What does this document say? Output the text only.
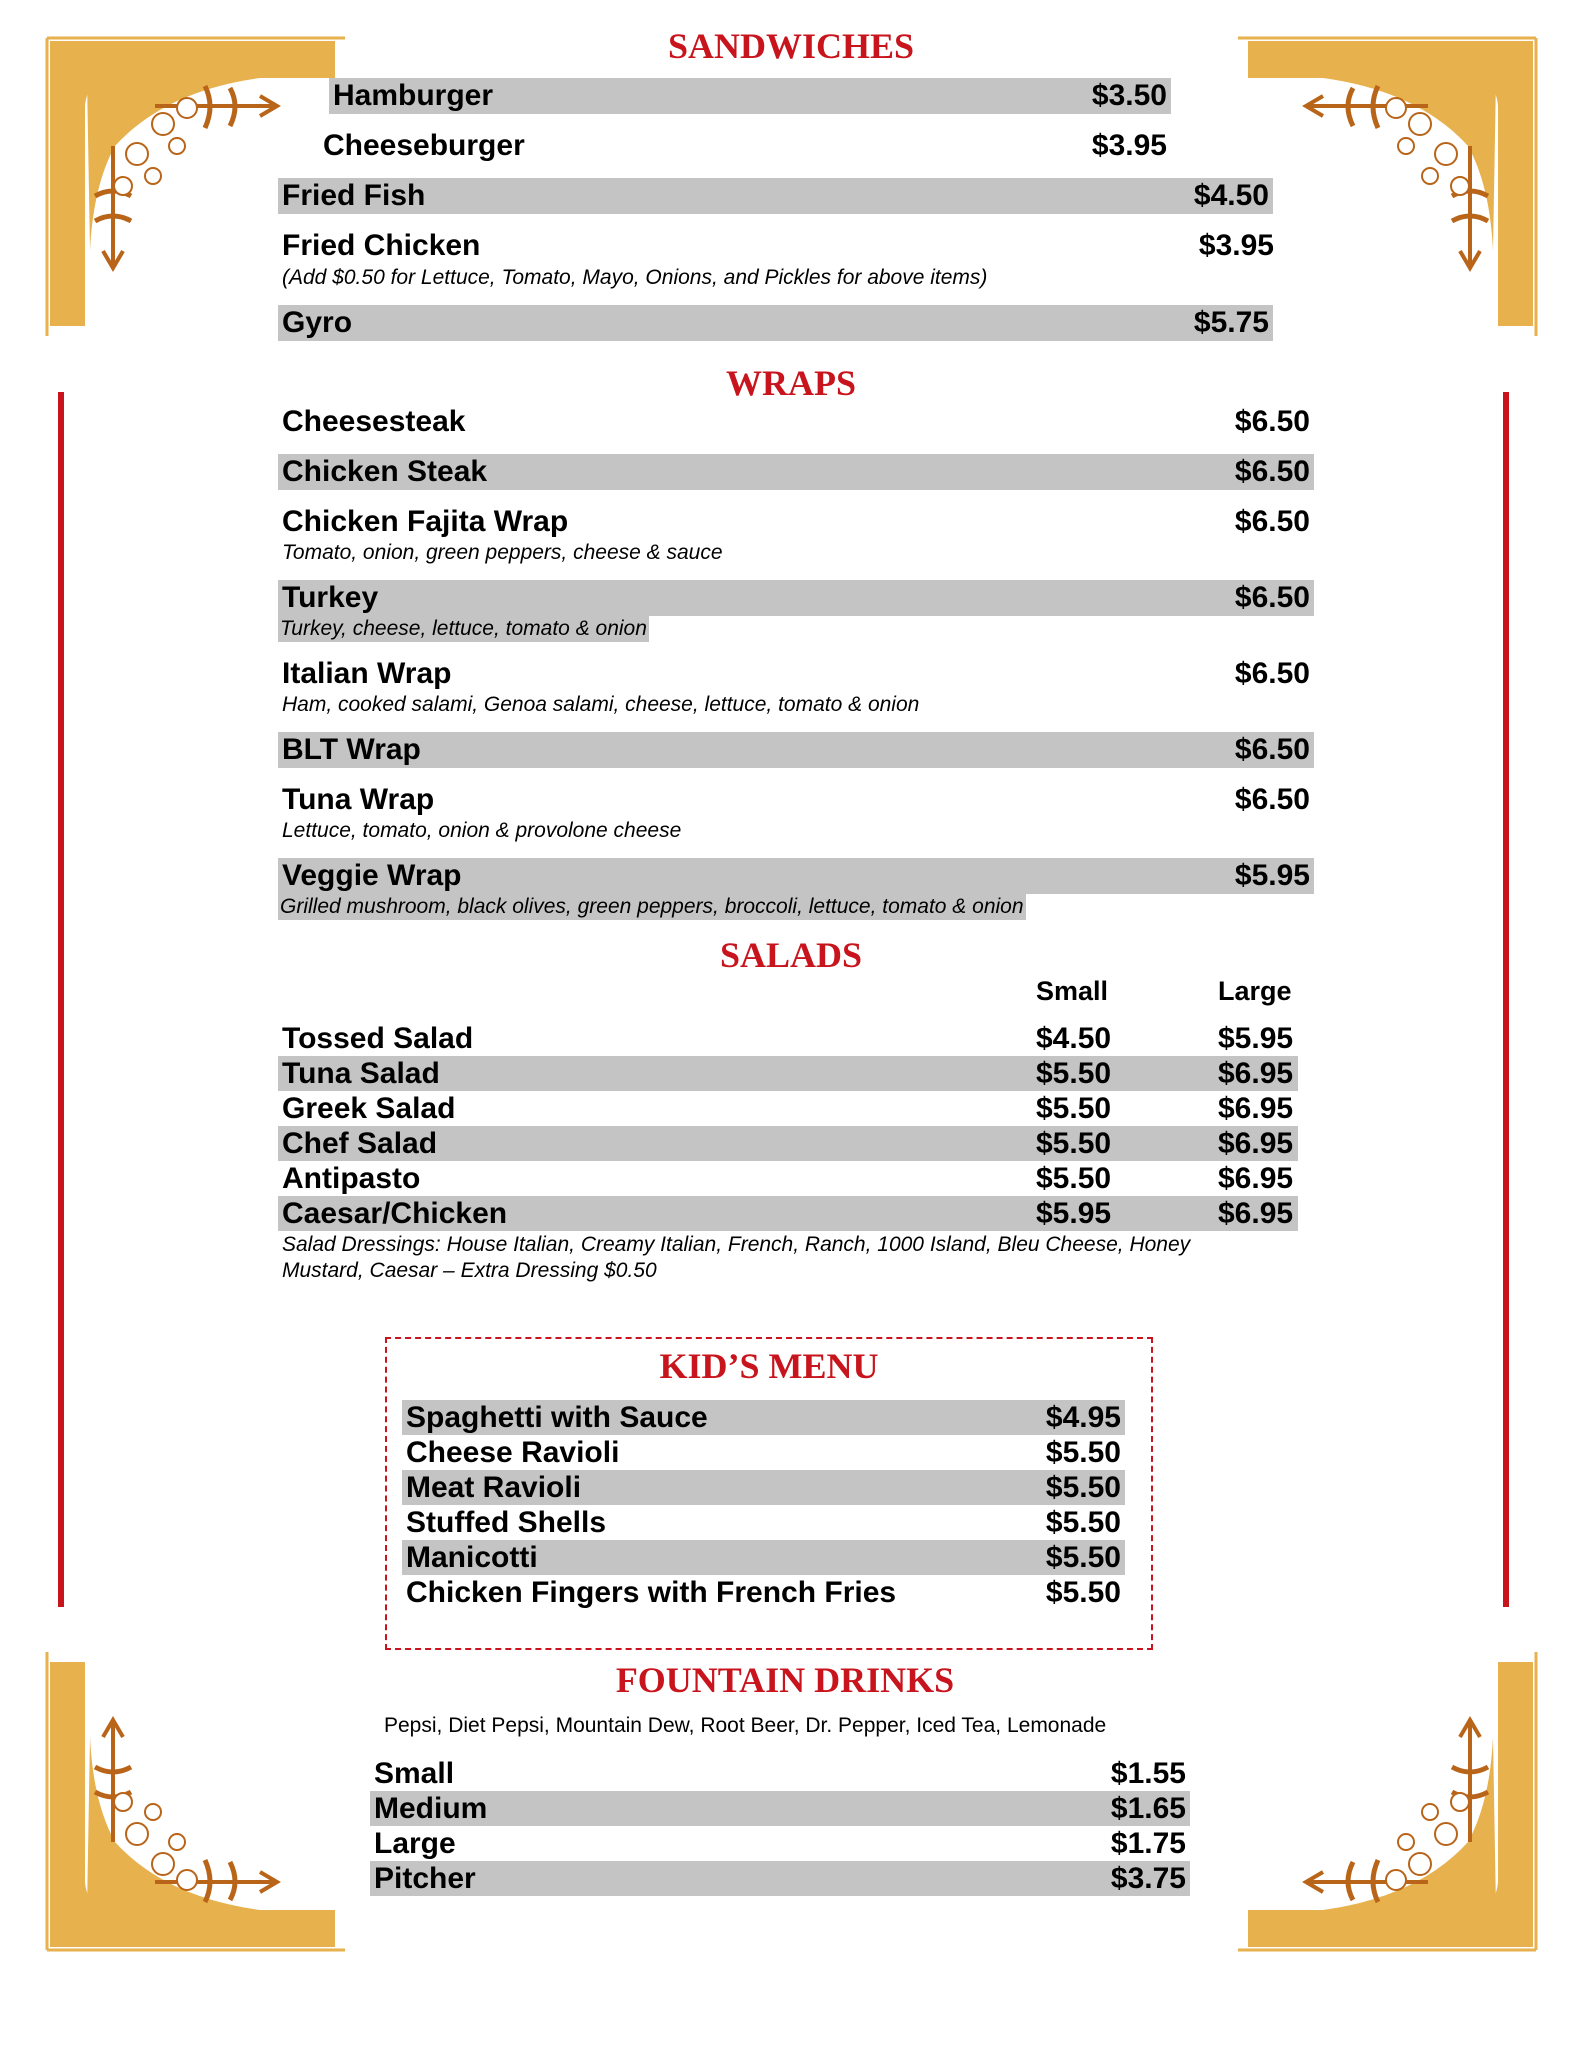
SANDWICHES
Hamburger	$3.50
Cheeseburger	$3.95
Fried Fish	$4.50
Fried Chicken	$3.95
(Add $0.50 for Lettuce, Tomato, Mayo, Onions, and Pickles for above items)
Gyro	$5.75
WRAPS
Cheesesteak	$6.50
Chicken Steak	$6.50
Chicken Fajita Wrap	$6.50
Tomato, onion, green peppers, cheese & sauce
Turkey	$6.50
Turkey, cheese, lettuce, tomato & onion
Italian Wrap	$6.50
Ham, cooked salami, Genoa salami, cheese, lettuce, tomato & onion
BLT Wrap	$6.50
Tuna Wrap	$6.50
Lettuce, tomato, onion & provolone cheese
Veggie Wrap	$5.95
Grilled mushroom, black olives, green peppers, broccoli, lettuce, tomato & onion
SALADS
Small	Large
Tossed Salad	$4.50	$5.95
Tuna Salad	$5.50	$6.95
Greek Salad	$5.50	$6.95
Chef Salad	$5.50	$6.95
Antipasto	$5.50	$6.95
Caesar/Chicken	$5.95	$6.95
Salad Dressings: House Italian, Creamy Italian, French, Ranch, 1000 Island, Bleu Cheese, Honey
Mustard, Caesar – Extra Dressing $0.50
KID’S MENU
Spaghetti with Sauce	$4.95
Cheese Ravioli	$5.50
Meat Ravioli	$5.50
Stuffed Shells	$5.50
Manicotti	$5.50
Chicken Fingers with French Fries	$5.50
FOUNTAIN DRINKS
Pepsi, Diet Pepsi, Mountain Dew, Root Beer, Dr. Pepper, Iced Tea, Lemonade
Small	$1.55
Medium	$1.65
Large	$1.75
Pitcher	$3.75
